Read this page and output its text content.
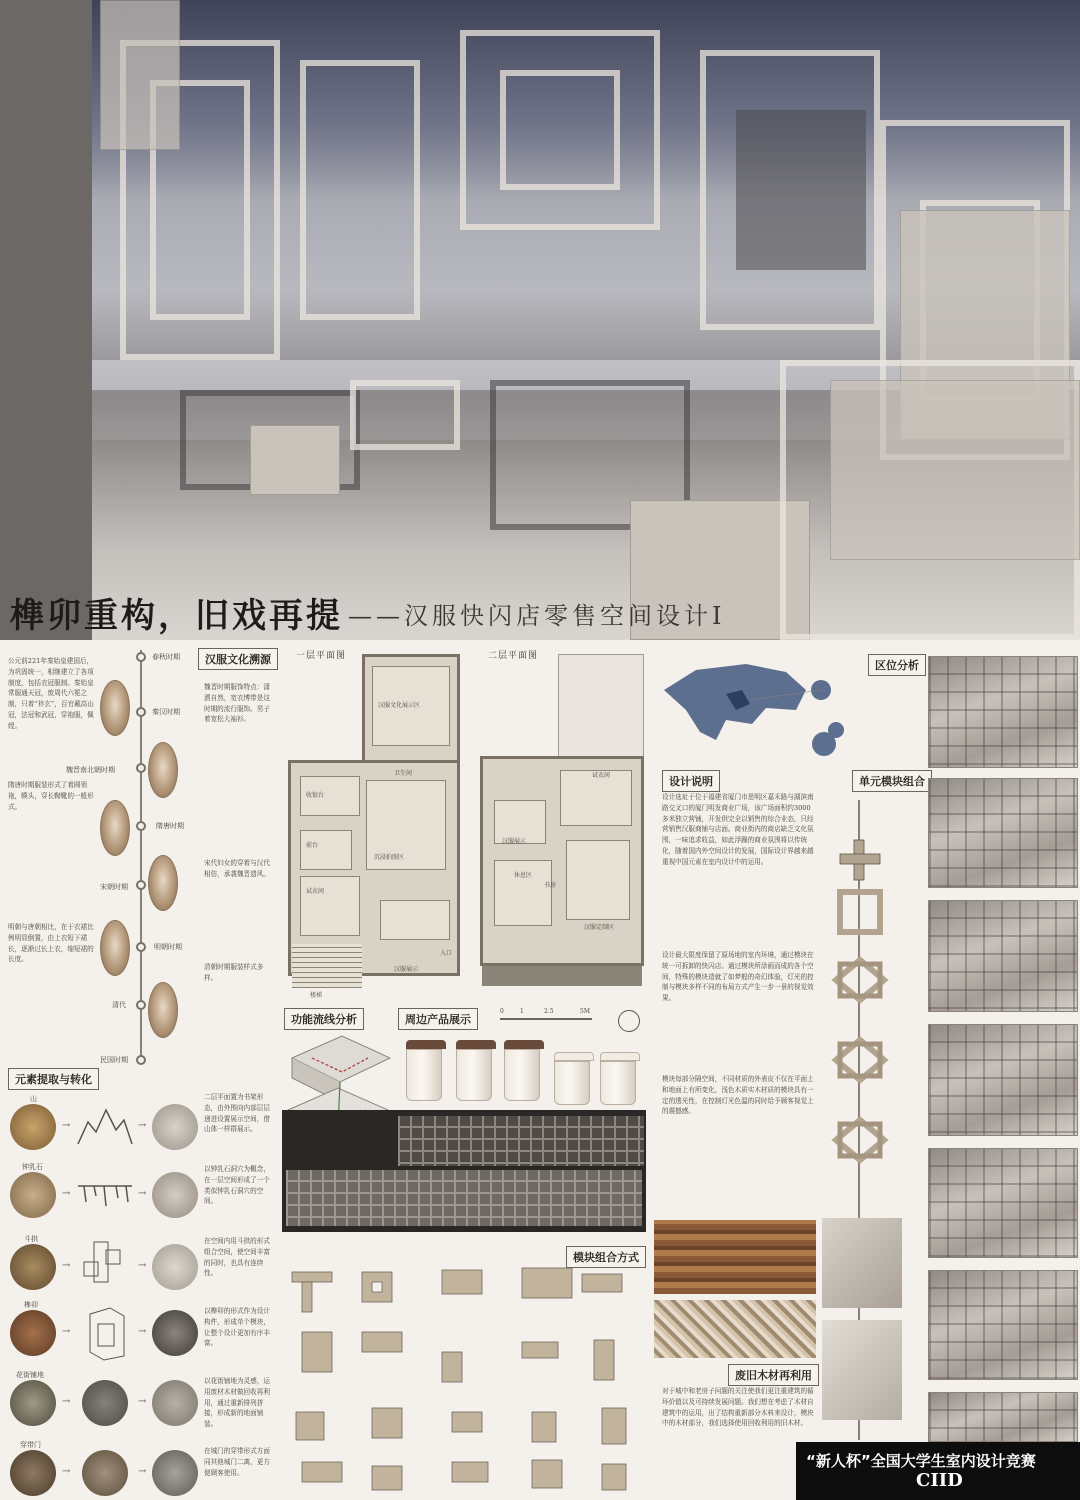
榫卯重构，旧戏再提 ——汉服快闪店零售空间设计Ⅰ
公元前221年秦始皇建国后，为巩固统一，相继建立了各项制度，包括衣冠服制。秦始皇常服通天冠，废周代六冕之制，只着“袗玄”，百官戴高山冠，法冠和武冠，穿袍服，佩绶。
隋唐时期服装形式了着圆领袍，幞头，穿长靿靴的一般形式。
明朝与唐朝相比，在于衣裙比例明显倒置，由上衣短下裙长，逐渐过长上衣，缩短裙的长度。
春秋时期
秦汉时期
魏晋南北朝时期
隋唐时期
宋朝时期
明朝时期
清代
民国时期
汉服文化溯源
魏晋时期服饰特点：潇洒自然，宽衣博带是这时期的流行服饰。男子着宽松大袖衫。
宋代妇女的穿着与汉代相仿，承袭魏晋遗风。
清朝时期服装样式多样。
元素提取与转化
山
→	→
二层平面置为书架形态，由外围向内部层层递进设置展示空间，借山体一样群展示。
钟乳石
→	→
以钟乳石洞穴为概念，在一层空间形成了一个类似钟乳石洞穴的空间。
斗拱
→	→
在空间内用斗拱的形式组合空间，使空间丰富的同时，也具有连续性。
榫卯
→	→
以榫卯的形式作为设计构件，形成单个模块，让整个设计更加有序丰富。
花街铺地
→	→
以花街铺地为灵感，运用废材木材做回收再利用，通过重新排列拼接，形成新的地面铺装。
穿带门
→	→
在城门的穿带形式方面同其他城门二离，更方便顾客使用。
一层平面图	二层平面图
汉服文化展示区
收银台
前台
卫生间
沉浸拍照区
试衣间
汉服展示
入口
楼梯
试衣间
汉服展示
休息区
书房
汉服定制区
功能流线分析	周边产品展示
0	1	2.5	5M
模块组合方式
区位分析
设计说明
设计选址于位于福建省厦门市思明区嘉禾路与湖滨南路交叉口的厦门明发商业广场，该广场面积约3000多米独立营铺，开发供完全以销售的综合业态，只经营销售汉服商铺与店面。商业街内的商店缺乏文化氛围，一味追求收益，如此浮躁的商业氛围将以传统化，随着国内外空间设计的发展，国际设计界越来越重视中国元素在室内设计中的运用。
设计最大限度保留了原场地的室内环境，通过模块在统一可拆卸的快闪店。通过模块所涂画而成的各个空间，特殊的模块造就了如梦般的奇幻体验，灯光的控制与模块多样不同的布局方式产生一步一景的视觉效果。
模块每部分隔空间，不同材质的外表皮不仅在平面上和地面上有所变化，浅色木质实木材质的模块具有一定的透光性，在控制灯光色温的同时给予顾客视觉上的震撼感。
废旧木材再利用
对于城中和老房子问题的关注使我们更注重建筑的循环价值以及可持续发展问题。我们想在考虑了木材自建筑中的运用，出了结构重新部分木料来设计，模块中的木材部分，我们选择使用回收利用的旧木材。
单元模块组合
“新人杯”全国大学生室内设计竞赛
CIID
